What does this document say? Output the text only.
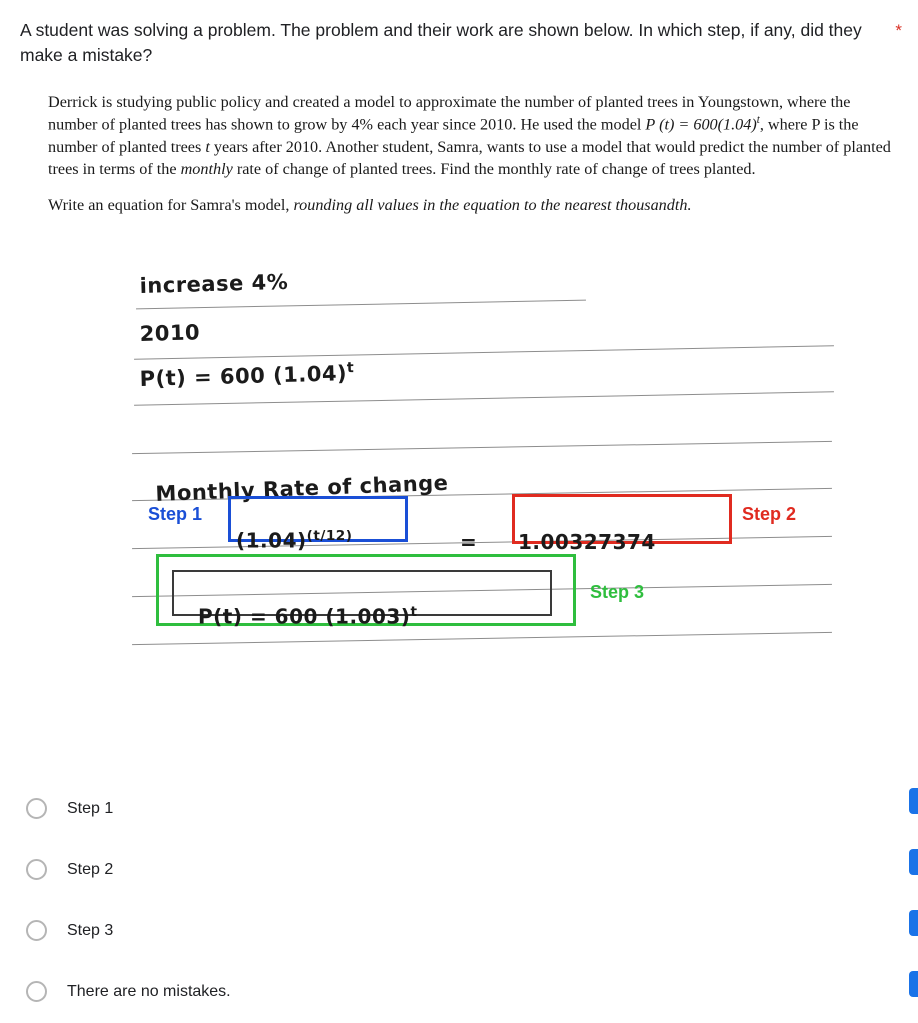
A student was solving a problem. The problem and their work are shown below. In which step, if any, did they make a mistake?
*

Derrick is studying public policy and created a model to approximate the number of planted trees in Youngstown, where the number of planted trees has shown to grow by 4% each year since 2010. He used the model P $(t) = 600(1.04)^t$, where P is the number of planted trees t years after 2010. Another student, Samra, wants to use a model that would predict the number of planted trees in terms of the monthly rate of change of planted trees. Find the monthly rate of change of trees planted.

Write an equation for Samra's model, rounding all values in the equation to the nearest thousandth.

increase 4%
2010
P(t) = 600 $(1.04)^t$
Monthly Rate of change
Step 1
$(1.04)^{(t/12)}$	=
Step 2
1.00327374
Step 3
P(t) = 600 $(1.003)^t$
Step 1
Step 2
Step 3
There are no mistakes.
